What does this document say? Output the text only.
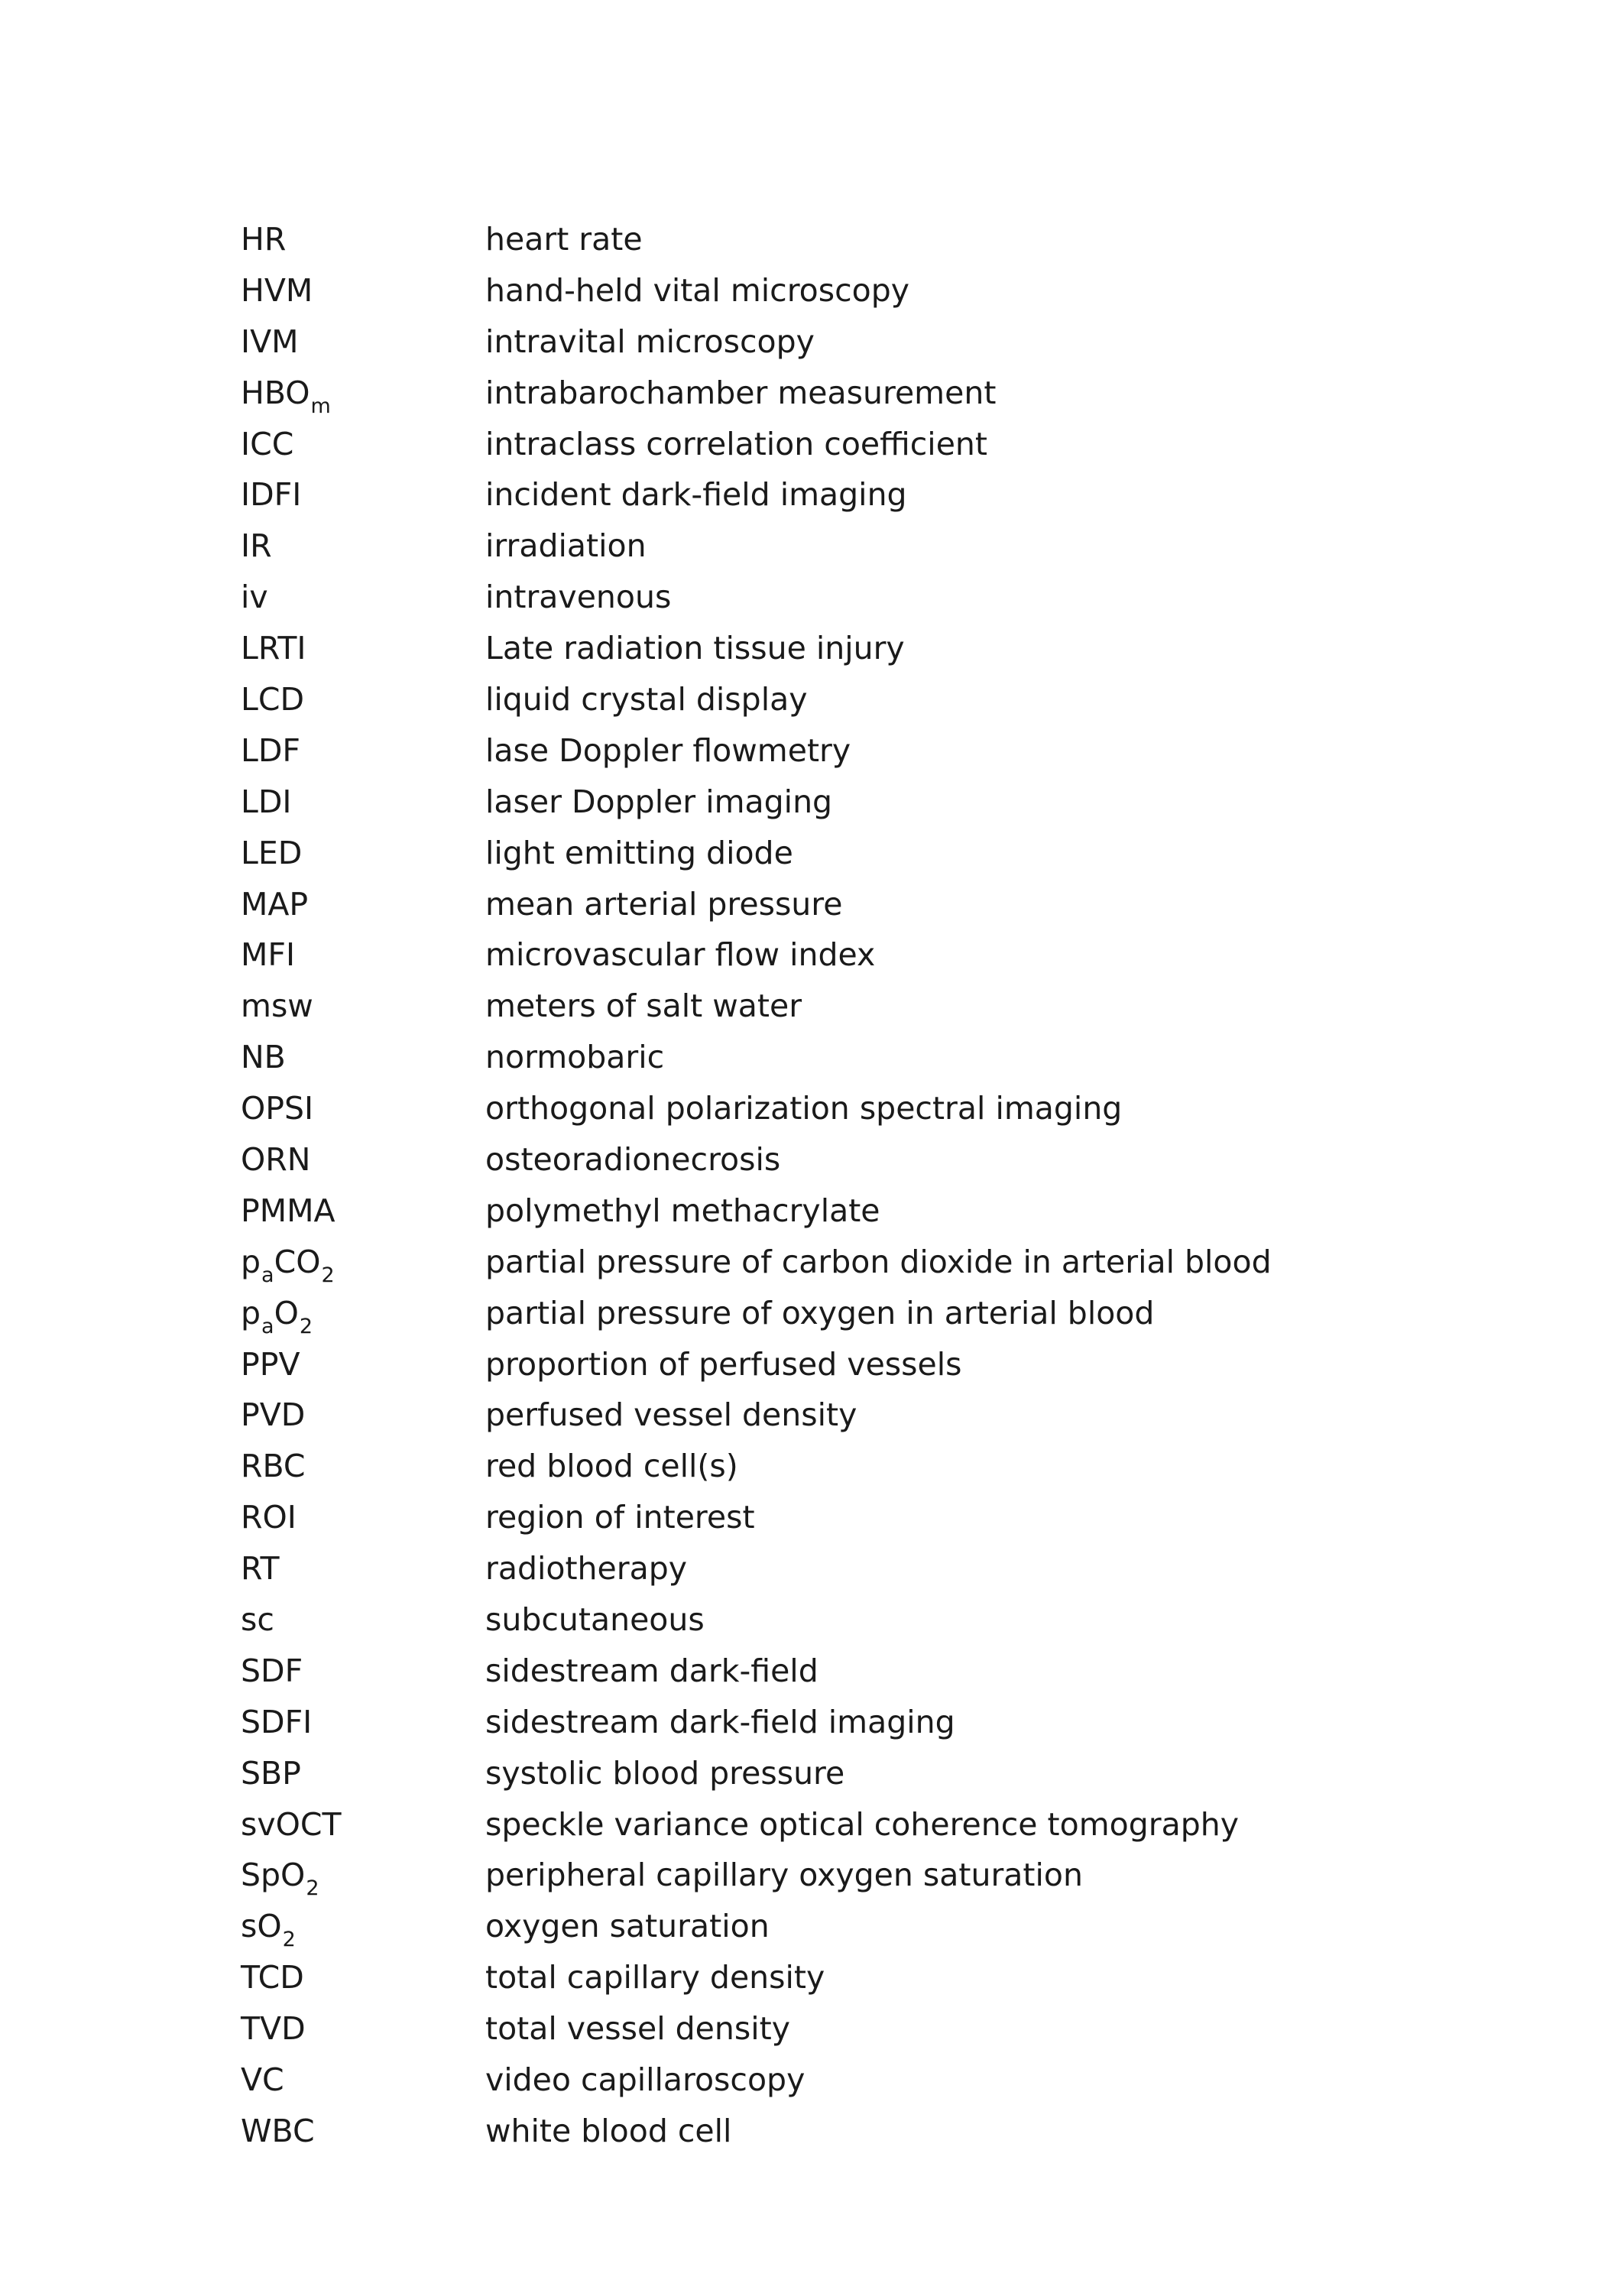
HR	heart rate
HVM	hand-held vital microscopy
IVM	intravital microscopy
$HBO_m$	intrabarochamber measurement
ICC	intraclass correlation coefficient
IDFI	incident dark-field imaging
IR	irradiation
iv	intravenous
LRTI	Late radiation tissue injury
LCD	liquid crystal display
LDF	lase Doppler flowmetry
LDI	laser Doppler imaging
LED	light emitting diode
MAP	mean arterial pressure
MFI	microvascular flow index
msw	meters of salt water
NB	normobaric
OPSI	orthogonal polarization spectral imaging
ORN	osteoradionecrosis
PMMA	polymethyl methacrylate
$p_aCO_2$	partial pressure of carbon dioxide in arterial blood
$p_aO_2$	partial pressure of oxygen in arterial blood
PPV	proportion of perfused vessels
PVD	perfused vessel density
RBC	red blood cell(s)
ROI	region of interest
RT	radiotherapy
sc	subcutaneous
SDF	sidestream dark-field
SDFI	sidestream dark-field imaging
SBP	systolic blood pressure
svOCT	speckle variance optical coherence tomography
SpO$_2$	peripheral capillary oxygen saturation
$sO_2$	oxygen saturation
TCD	total capillary density
TVD	total vessel density
VC	video capillaroscopy
WBC	white blood cell
